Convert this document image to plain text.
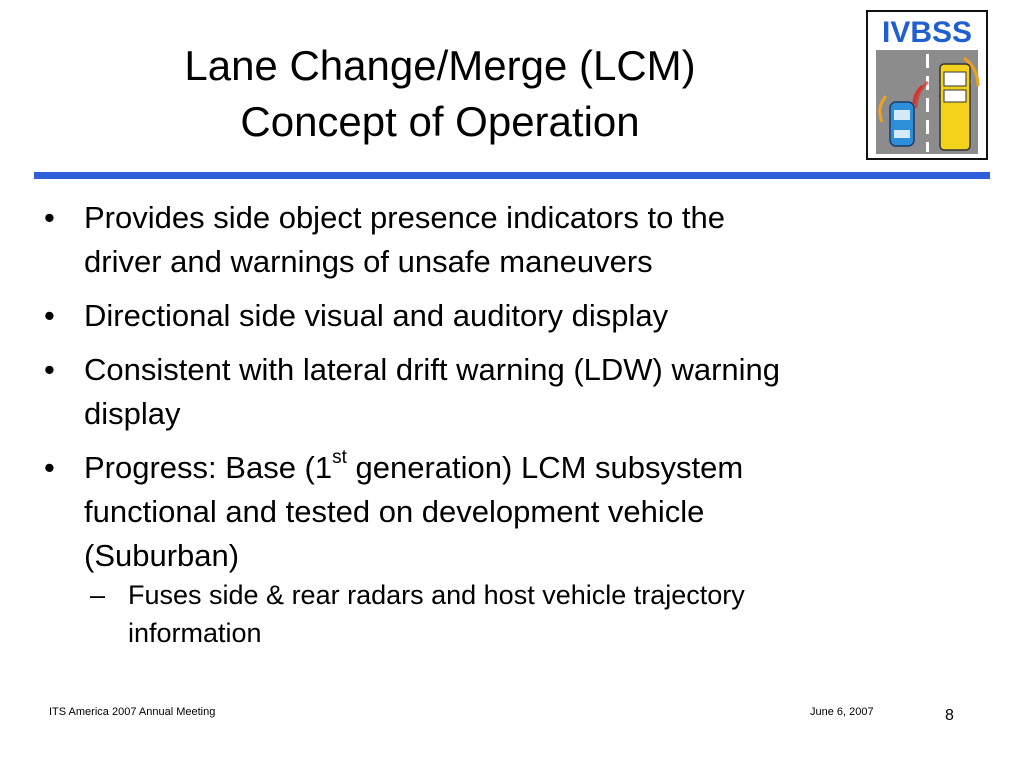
Lane Change/Merge (LCM)
Concept of Operation
IVBSS
• Provides side object presence indicators to the
driver and warnings of unsafe maneuvers
• Directional side visual and auditory display
• Consistent with lateral drift warning (LDW) warning
display
• Progress: Base (1st generation) LCM subsystem
functional and tested on development vehicle
(Suburban)
– Fuses side & rear radars and host vehicle trajectory
information
ITS America 2007 Annual Meeting	June 6, 2007	8
